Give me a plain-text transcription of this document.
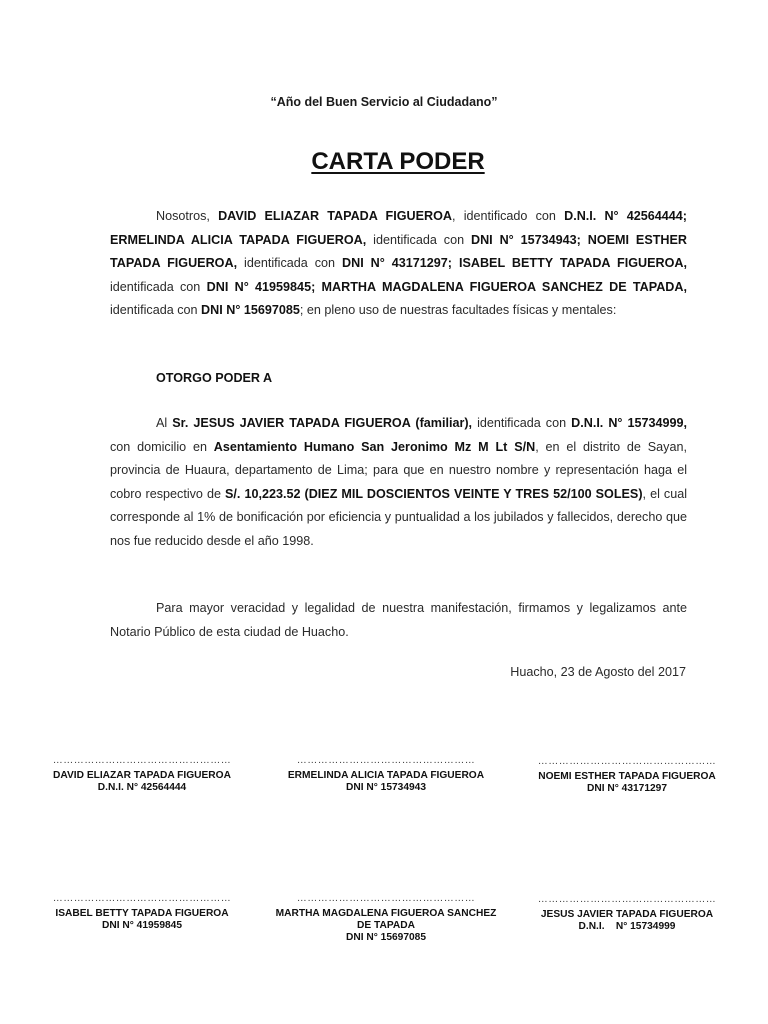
“Año del Buen Servicio al Ciudadano”
CARTA PODER

Nosotros, DAVID ELIAZAR TAPADA FIGUEROA, identificado con D.N.I. N° 42564444; ERMELINDA ALICIA TAPADA FIGUEROA, identificada con DNI N° 15734943; NOEMI ESTHER TAPADA FIGUEROA, identificada con DNI N° 43171297; ISABEL BETTY TAPADA FIGUEROA, identificada con DNI N° 41959845; MARTHA MAGDALENA FIGUEROA SANCHEZ DE TAPADA, identificada con DNI N° 15697085; en pleno uso de nuestras facultades físicas y mentales:

OTORGO PODER A

Al Sr. JESUS JAVIER TAPADA FIGUEROA (familiar), identificada con D.N.I. N° 15734999, con domicilio en Asentamiento Humano San Jeronimo Mz M Lt S/N, en el distrito de Sayan, provincia de Huaura, departamento de Lima; para que en nuestro nombre y representación haga el cobro respectivo de S/. 10,223.52 (DIEZ MIL DOSCIENTOS VEINTE Y TRES 52/100 SOLES), el cual corresponde al 1% de bonificación por eficiencia y puntualidad a los jubilados y fallecidos, derecho que nos fue reducido desde el año 1998.

Para mayor veracidad y legalidad de nuestra manifestación, firmamos y legalizamos ante Notario Público de esta ciudad de Huacho.

Huacho, 23 de Agosto del 2017
……………………………………………
DAVID ELIAZAR TAPADA FIGUEROA
D.N.I. N° 42564444
……………………………………………
ERMELINDA ALICIA TAPADA FIGUEROA
DNI N° 15734943
……………………………………………
NOEMI ESTHER TAPADA FIGUEROA
DNI N° 43171297
……………………………………………
ISABEL BETTY TAPADA FIGUEROA
DNI N° 41959845
……………………………………………
MARTHA MAGDALENA FIGUEROA SANCHEZ DE TAPADA
DNI N° 15697085
……………………………………………
JESUS JAVIER TAPADA FIGUEROA
D.N.I.    N° 15734999
